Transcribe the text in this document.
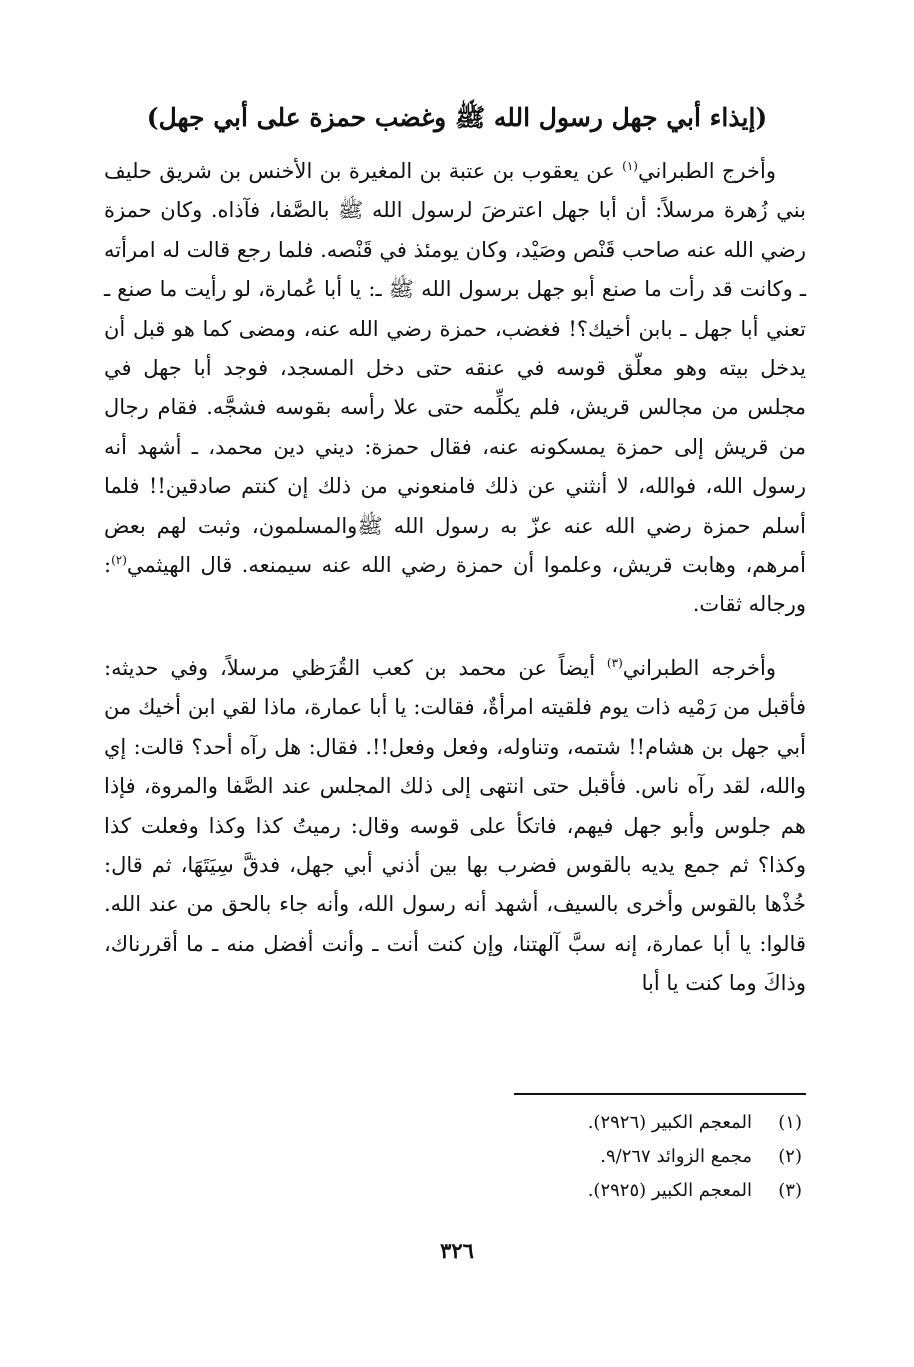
(إيذاء أبي جهل رسول الله ﷺ وغضب حمزة على أبي جهل)

وأخرج الطبراني$^{(١)}$ عن يعقوب بن عتبة بن المغيرة بن الأخنس بن شريق حليف بني زُهرة مرسلاً: أن أبا جهل اعترضَ لرسول الله ﷺ بالصَّفا، فآذاه. وكان حمزة رضي الله عنه صاحب قَنْص وصَيْد، وكان يومئذ في قَنْصه. فلما رجع قالت له امرأته ـ وكانت قد رأت ما صنع أبو جهل برسول الله ﷺ ـ: يا أبا عُمارة، لو رأيت ما صنع ـ تعني أبا جهل ـ بابن أخيك؟! فغضب، حمزة رضي الله عنه، ومضى كما هو قبل أن يدخل بيته وهو معلّق قوسه في عنقه حتى دخل المسجد، فوجد أبا جهل في مجلس من مجالس قريش، فلم يكلِّمه حتى علا رأسه بقوسه فشجَّه. فقام رجال من قريش إلى حمزة يمسكونه عنه، فقال حمزة: ديني دين محمد، ـ أشهد أنه رسول الله، فوالله، لا أنثني عن ذلك فامنعوني من ذلك إن كنتم صادقين!! فلما أسلم حمزة رضي الله عنه عزّ به رسول الله ﷺوالمسلمون، وثبت لهم بعض أمرهم، وهابت قريش، وعلموا أن حمزة رضي الله عنه سيمنعه. قال الهيثمي$^{(٢)}$: ورجاله ثقات.

وأخرجه الطبراني$^{(٣)}$ أيضاً عن محمد بن كعب القُرَظي مرسلاً، وفي حديثه: فأقبل من رَمْيه ذات يوم فلقيته امرأةٌ، فقالت: يا أبا عمارة، ماذا لقي ابن أخيك من أبي جهل بن هشام!! شتمه، وتناوله، وفعل وفعل!!. فقال: هل رآه أحد؟ قالت: إي والله، لقد رآه ناس. فأقبل حتى انتهى إلى ذلك المجلس عند الصَّفا والمروة، فإذا هم جلوس وأبو جهل فيهم، فاتكأ على قوسه وقال: رميتُ كذا وكذا وفعلت كذا وكذا؟ ثم جمع يديه بالقوس فضرب بها بين أذني أبي جهل، فدقَّ سِيَتَهَا، ثم قال: خُذْها بالقوس وأخرى بالسيف، أشهد أنه رسول الله، وأنه جاء بالحق من عند الله. قالوا: يا أبا عمارة، إنه سبَّ آلهتنا، وإن كنت أنت ـ وأنت أفضل منه ـ ما أقررناك، وذاكَ وما كنت يا أبا

(١)
المعجم الكبير (٢٩٢٦).
(٢)
مجمع الزوائد ٩/٢٦٧.
(٣)
المعجم الكبير (٢٩٢٥).
٣٢٦
